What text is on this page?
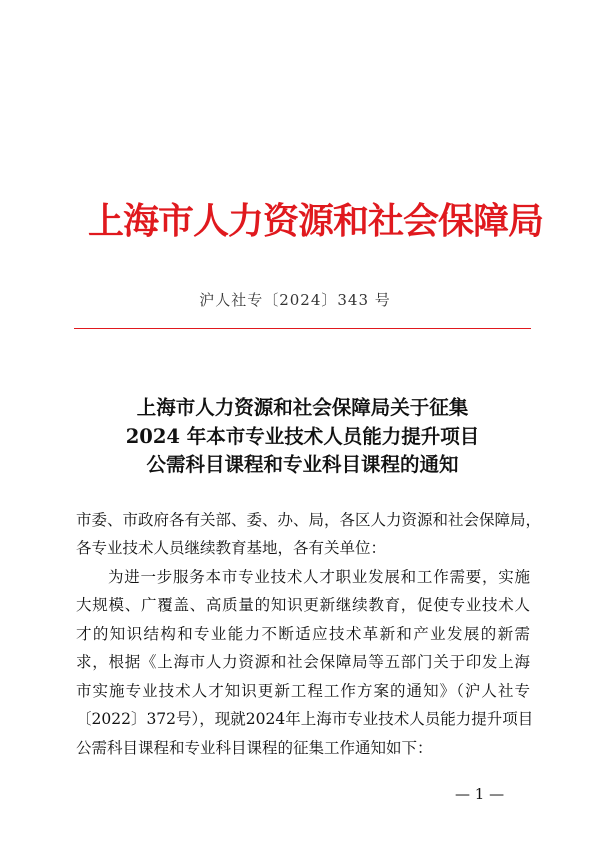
上海市人力资源和社会保障局
沪人社专〔2024〕343 号
上海市人力资源和社会保障局关于征集
2024 年本市专业技术人员能力提升项目
公需科目课程和专业科目课程的通知
市委、市政府各有关部、委、办、局，各区人力资源和社会保障局，
各专业技术人员继续教育基地，各有关单位：
为进一步服务本市专业技术人才职业发展和工作需要，实施
大规模、广覆盖、高质量的知识更新继续教育，促使专业技术人
才的知识结构和专业能力不断适应技术革新和产业发展的新需
求，根据《上海市人力资源和社会保障局等五部门关于印发上海
市实施专业技术人才知识更新工程工作方案的通知》（沪人社专
〔2022〕372号），现就2024年上海市专业技术人员能力提升项目
公需科目课程和专业科目课程的征集工作通知如下：
— 1 —
